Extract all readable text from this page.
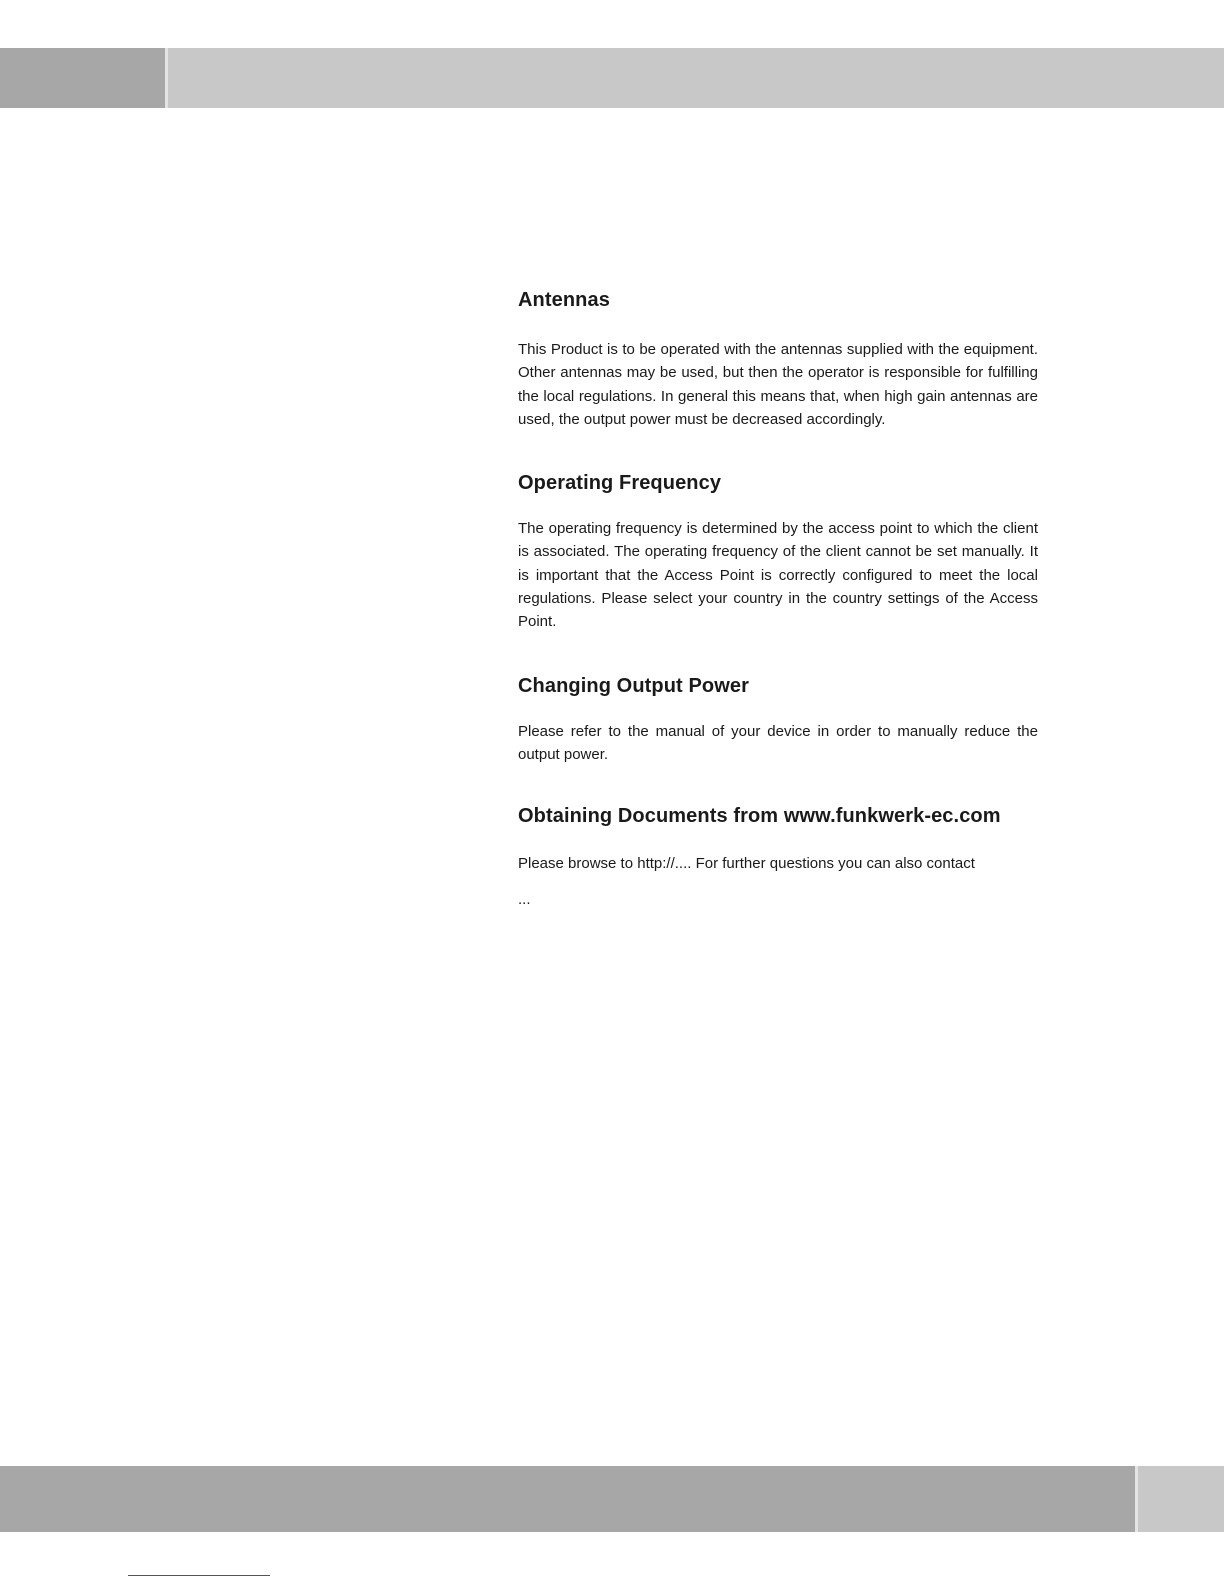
Antennas

This Product is to be operated with the antennas supplied with the equipment. Other antennas may be used, but then the operator is responsible for fulfilling the local regulations. In general this means that, when high gain antennas are used, the output power must be decreased accordingly.

Operating Frequency

The operating frequency is determined by the access point to which the client is associated. The operating frequency of the client cannot be set manually. It is important that the Access Point is correctly configured to meet the local regulations. Please select your country in the country settings of the Access Point.

Changing Output Power

Please refer to the manual of your device in order to manually reduce the output power.

Obtaining Documents from www.funkwerk-ec.com

Please browse to http://.... For further questions you can also contact

...
